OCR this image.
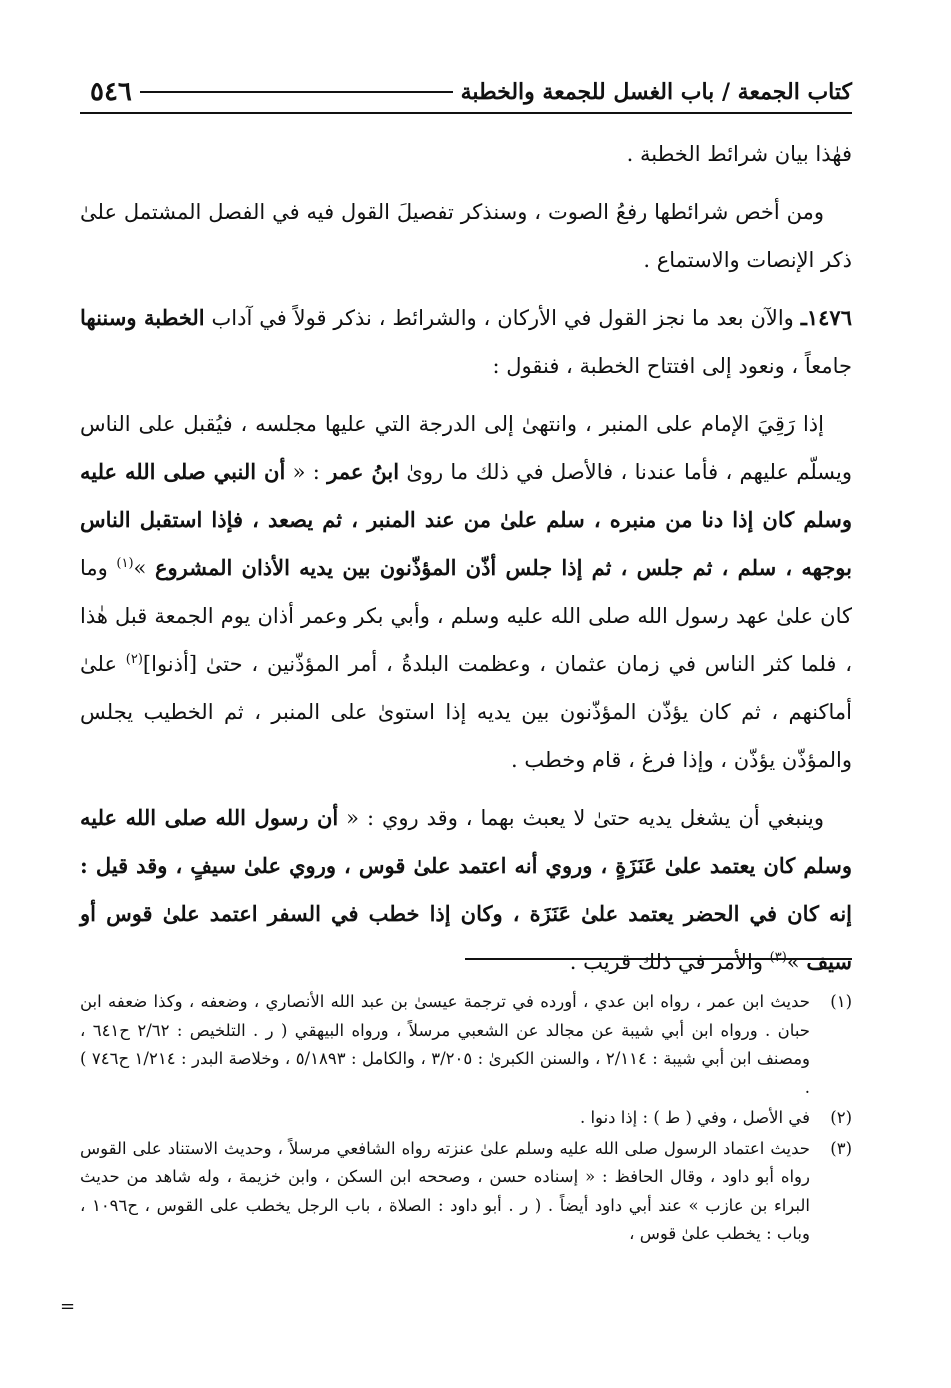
كتاب الجمعة / باب الغسل للجمعة والخطبة
٥٤٦

فهٰذا بيان شرائط الخطبة .

ومن أخص شرائطها رفعُ الصوت ، وسنذكر تفصيلَ القول فيه في الفصل المشتمل علىٰ ذكر الإنصات والاستماع .

١٤٧٦ـ والآن بعد ما نجز القول في الأركان ، والشرائط ، نذكر قولاً في آداب الخطبة وسننها جامعاً ، ونعود إلى افتتاح الخطبة ، فنقول :

إذا رَقِيَ الإمام على المنبر ، وانتهىٰ إلى الدرجة التي عليها مجلسه ، فيُقبل على الناس ويسلّم عليهم ، فأما عندنا ، فالأصل في ذلك ما روىٰ ابنُ عمر : « أن النبي صلى الله عليه وسلم كان إذا دنا من منبره ، سلم علىٰ من عند المنبر ، ثم يصعد ، فإذا استقبل الناس بوجهه ، سلم ، ثم جلس ، ثم إذا جلس أذّن المؤذّنون بين يديه الأذان المشروع »$^{(١)}$ وما كان علىٰ عهد رسول الله صلى الله عليه وسلم ، وأبي بكر وعمر أذان يوم الجمعة قبل هٰذا ، فلما كثر الناس في زمان عثمان ، وعظمت البلدةُ ، أمر المؤذّنين ، حتىٰ [أذنوا]$^{(٢)}$ علىٰ أماكنهم ، ثم كان يؤذّن المؤذّنون بين يديه إذا استوىٰ على المنبر ، ثم الخطيب يجلس والمؤذّن يؤذّن ، وإذا فرغ ، قام وخطب .

وينبغي أن يشغل يديه حتىٰ لا يعبث بهما ، وقد روي : « أن رسول الله صلى الله عليه وسلم كان يعتمد علىٰ عَنَزَةٍ ، وروي أنه اعتمد علىٰ قوس ، وروي علىٰ سيفٍ ، وقد قيل : إنه كان في الحضر يعتمد علىٰ عَنَزَة ، وكان إذا خطب في السفر اعتمد علىٰ قوس أو سيف »$^{(٣)}$ والأمر في ذلك قريب .

(١)
حديث ابن عمر ، رواه ابن عدي ، أورده في ترجمة عيسىٰ بن عبد الله الأنصاري ، وضعفه ، وكذا ضعفه ابن حبان . ورواه ابن أبي شيبة عن مجالد عن الشعبي مرسلاً ، ورواه البيهقي ( ر . التلخيص : ٢/٦٢ ح٦٤١ ، ومصنف ابن أبي شيبة : ٢/١١٤ ، والسنن الكبرىٰ : ٣/٢٠٥ ، والكامل : ٥/١٨٩٣ ، وخلاصة البدر : ١/٢١٤ ح٧٤٦ ) .
(٢)
في الأصل ، وفي ( ط ) : إذا دنوا .
(٣)
حديث اعتماد الرسول صلى الله عليه وسلم علىٰ عنزته رواه الشافعي مرسلاً ، وحديث الاستناد على القوس رواه أبو داود ، وقال الحافظ : « إسناده حسن ، وصححه ابن السكن ، وابن خزيمة ، وله شاهد من حديث البراء بن عازب » عند أبي داود أيضاً . ( ر . أبو داود : الصلاة ، باب الرجل يخطب على القوس ، ح١٠٩٦ ، وباب : يخطب علىٰ قوس ،
=
